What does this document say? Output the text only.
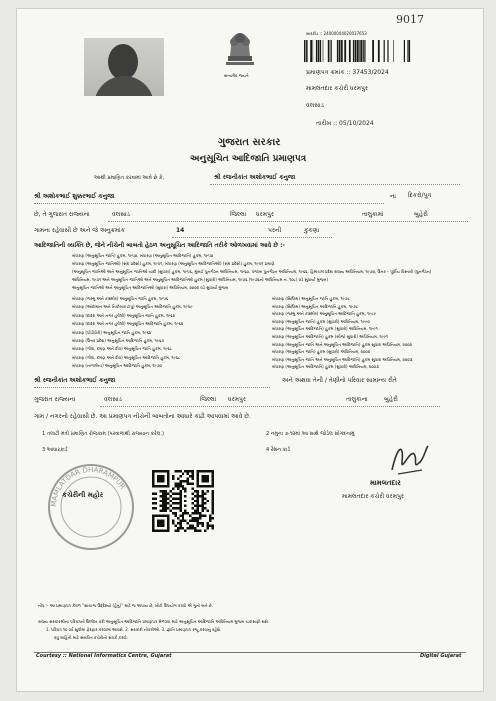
9017
સત્યમેવ જયતે
બારકોડ :: 24000044020037653
પ્રમાણપત્ર ક્રમાંક :: 37453/2024
મામલતદાર કચેરી ધરમપુર
વલસાડ
તારીખ :: 05/10/2024
ગુજરાત સરકાર
અનુસૂચિત આદિજાતિ પ્રમાણપત્ર
આથી પ્રમાણિત કરવામાં આવે છે કે,	શ્રી રજનીકાંત અશોકભાઈ કનુજા
શ્રી અશોકભાઈ શુક્કરભાઈ કનુજા	ના દિકરો/પુત્ર
છે, તે ગુજરાત રાજ્યના	વલસાડ	જિલ્લા ધરમપુર	તાલુકામાં	બુહેરી
ગામના રહેવાસી છે અને જે અનુક્રમાંક	14	પરની	કુકણા
આદિજાતિની વ્યક્તિ છે, જેને નીચેની બાબતો હેઠળ અનુસૂચિત આદિજાતિ તરીકે ઓળખવામાં આવે છે :-
બંધારણ (અનુસૂચિત જાતિ) હુકમ, ૧૯૫૦, બંધારણ (અનુસૂચિત આદિજાતિ) હુકમ, ૧૯૫૦
બંધારણ (અનુસૂચિત જાતિઓ) (સંઘ પ્રદેશો) હુકમ, ૧૯૫૧, બંધારણ (અનુસૂચિત આદિજાતિઓ) (સંઘ પ્રદેશો) હુકમ, ૧૯૫૧ પ્રમાણે
(અનુસૂચિત જાતિઓ અને અનુસૂચિત જાતિઓ યાદી (સુધારા) હુકમ, ૧૯૫૬, મુંબઈ પુનર્ગઠન અધિનિયમ, ૧૯૬૦, પંજાબ પુનર્ગઠન અધિનિયમ, ૧૯૬૬, હિમાચલ પ્રદેશ રાજ્ય અધિનિયમ, ૧૯૭૦, ઉત્તર – પૂર્વીય વિસ્તારો (પુનર્ગઠન)
અધિનિયમ, ૧૯૭૧ અને અનુસૂચિત જાતિઓ અને અનુસૂચિત આદિજાતિઓ હુકમ (સુધારો) અધિનિયમ, ૧૯૭૬ (૧૯૭૬નો અધિનિયમ નં. ૧૦૮) વડે સુધાર્યા મુજબ)
અનુસૂચિત જાતિઓ અને અનુસૂચિત આદિજાતિઓ (સુધારા) અધિનિયમ, ૨૦૦૨ વડે સુધાર્યા મુજબ
બંધારણ (જમ્મુ અને કાશ્મીર) અનુસૂચિત જાતિ હુકમ, ૧૯૫૬
બંધારણ (આંદામાન અને નિકોબાર ટાપુ) અનુસૂચિત આદિજાતિ હુકમ, ૧૯૫૯
બંધારણ (દાદરા અને નગર હવેલી) અનુસૂચિત જાતિ હુકમ, ૧૯૬૨
બંધારણ (દાદરા અને નગર હવેલી) અનુસૂચિત આદિજાતિ હુકમ, ૧૯૬૨
બંધારણ (પોંડીચેરી) અનુસૂચિત જાતિ હુકમ, ૧૯૬૪
બંધારણ (ઉત્તર પ્રદેશ) અનુસૂચિત આદિજાતિ હુકમ, ૧૯૬૭
બંધારણ (ગોવા, દમણ અને દીવ) અનુસૂચિત જાતિ હુકમ, ૧૯૬૮
બંધારણ (ગોવા, દમણ અને દીવ) અનુસૂચિત આદિજાતિ હુકમ, ૧૯૬૮
બંધારણ (નાગાલેન્ડ) અનુસૂચિત આદિજાતિ હુકમ, ૧૯૭૦
બંધારણ (સિક્કિમ) અનુસૂચિત જાતિ હુકમ, ૧૯૭૮
બંધારણ (સિક્કિમ) અનુસૂચિત આદિજાતિ હુકમ, ૧૯૭૮
બંધારણ (જમ્મુ અને કાશ્મીર) અનુસૂચિત આદિજાતિ હુકમ, ૧૯૮૯
બંધારણ (અનુસૂચિત જાતિ) હુકમ (સુધારો) અધિનિયમ, ૧૯૯૦
બંધારણ (અનુસૂચિત આદિજાતિ) હુકમ (સુધારો) અધિનિયમ, ૧૯૯૧
બંધારણ (અનુસૂચિત આદિજાતિ) હુકમ (બીજો સુધારો) અધિનિયમ, ૧૯૯૧
બંધારણ (અનુસૂચિત જાતિ અને અનુસૂચિત આદિજાતિ) હુકમ સુધારા અધિનિયમ, ૨૦૦૨
બંધારણ (અનુસૂચિત જાતિ) હુકમ (સુધારો) અધિનિયમ, ૨૦૦૨
બંધારણ (અનુસૂચિત જાતિ અને અનુસૂચિત આદિજાતિ) હુકમ સુધારા અધિનિયમ, ૨૦૦૩
બંધારણ (અનુસૂચિત આદિજાતિ) હુકમ (સુધારો) અધિનિયમ, ૨૦૦૩
શ્રી રજનીકાંત અશોકભાઈ કનુજા	અને અથવા તેની / તેણીનો પરિવાર સામાન્ય રીતે
ગુજરાત રાજ્યના	વલસાડ	જિલ્લા ધરમપુર	તાલુકાના	બુહેરી
ગામ / નગરનો રહેવાસી છે. આ પ્રમાણપત્ર નીચેની બાબતોના આધારે કાઢી આપવામાં આવે છે.
1 તલાટી મંત્રી પ્રમાણિત રોજકામ (પરવાળાથી રાજ્યાન કરેલ.)	2 નમુના ૭-૧૨માં આ સાથે જોડેલ સોગંદનામું
3 આધારકાર્ડ	4 રેશન કાર્ડ
MAMLATDAR DHARAMPUR
કચેરીની મહોર
મામલતદાર
મામલતદાર કચેરી ધરમપુર
નોંધ :- આ પ્રમાણપત્ર કેવળ “સાચાજ ઉદ્દેશ્યો (હેતુ)” માટે જ અપાય છે, ખોટો ઉપયોગ કરવો એ ગુનો બને છે.
રાજ્ય સરકારશ્રીના પરિપત્રનો ઉલ્લેખ કરી અનુસૂચિત આદિજાતિ પ્રમાણપત્ર મેળવવા માટે અનુસૂચિત આદિજાતિ અધિનિયમ મુજબ ચકાસણી થશે.
1. પરિપત્ર ૧૦ વર્ષ સુધીમાં ફેરફાર કરવામાં આવશે. 2. સરકારી નોકરીઓ. 3. જ્ઞાતિ પ્રમાણપત્ર રજૂ કરવાનું રહેશે.
વધુ માહિતી માટે સંબંધિત કચેરીનો સંપર્ક કરવો.
Courtesy :: National Informatics Centre, Gujarat	Digital Gujarat
